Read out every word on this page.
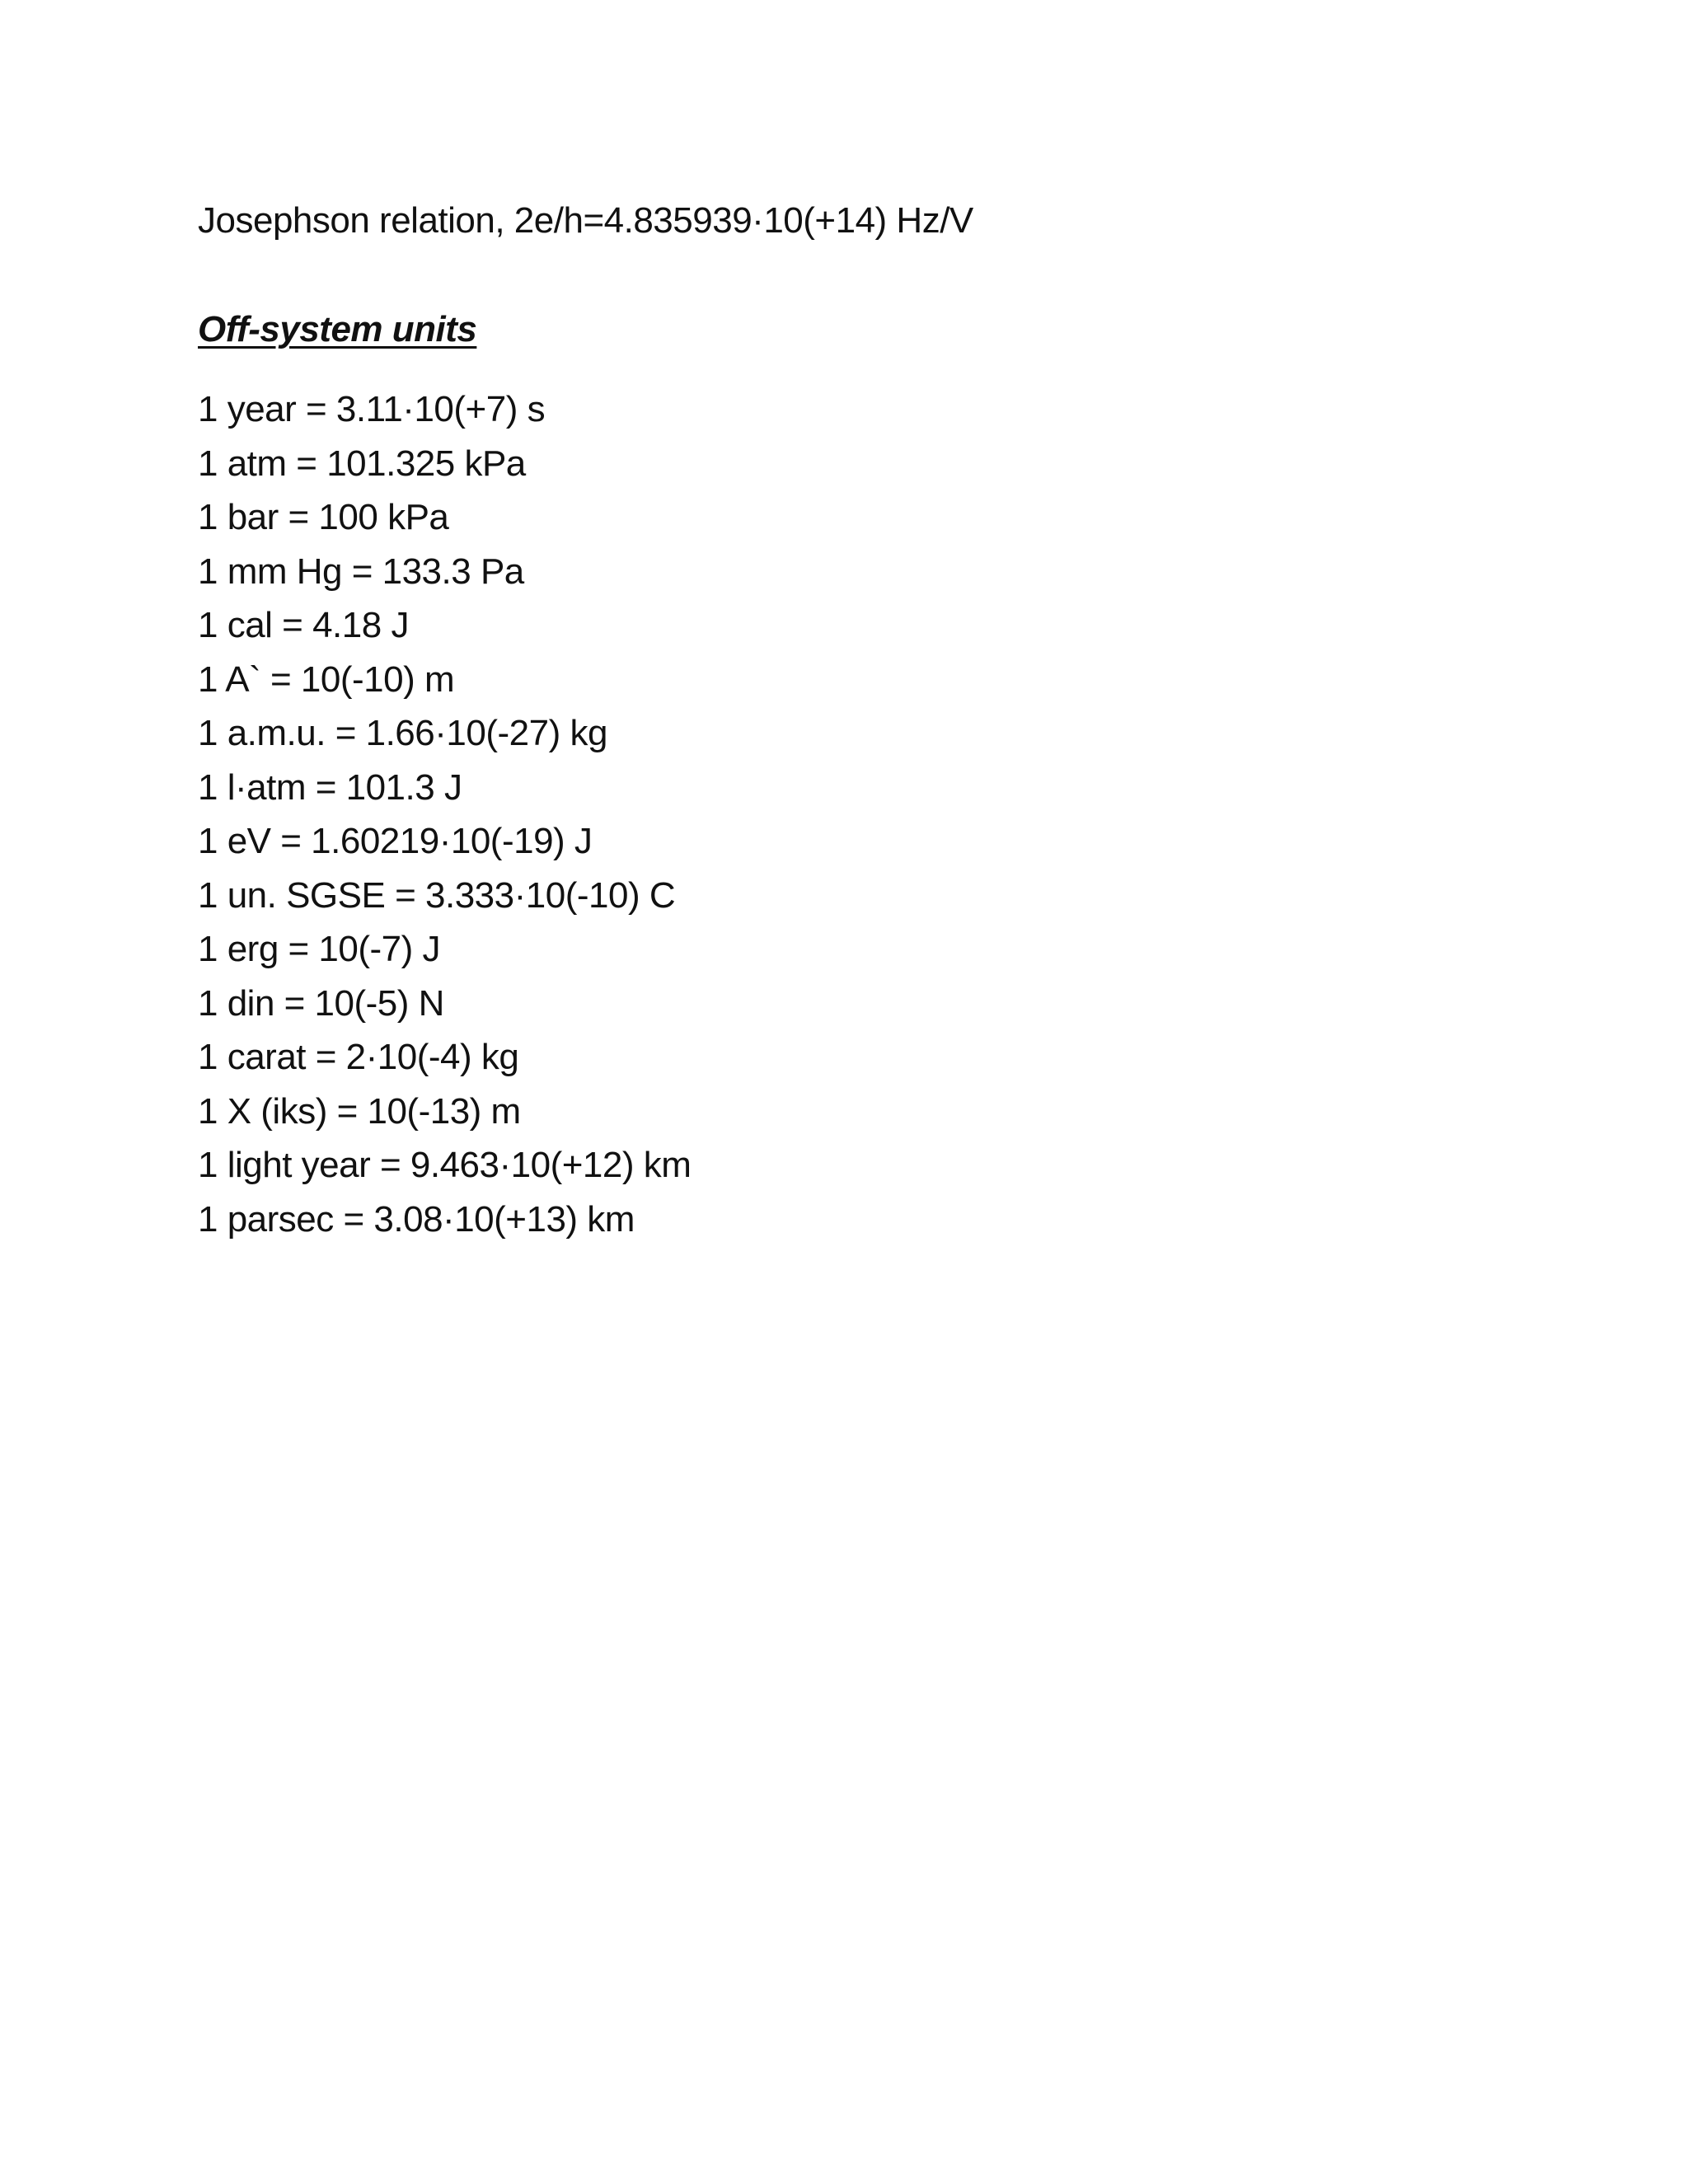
Josephson relation, 2e/h=4.835939·10(+14) Hz/V
Off-system units
1 year = 3.11·10(+7) s
1 atm = 101.325 kPa
1 bar = 100 kPa
1 mm Hg = 133.3 Pa
1 cal = 4.18 J
1 A` = 10(-10) m
1 a.m.u. = 1.66·10(-27) kg
1 l·atm = 101.3 J
1 eV = 1.60219·10(-19) J
1 un. SGSE = 3.333·10(-10) C
1 erg = 10(-7) J
1 din = 10(-5) N
1 carat = 2·10(-4) kg
1 X (iks) = 10(-13) m
1 light year = 9.463·10(+12) km
1 parsec = 3.08·10(+13) km
